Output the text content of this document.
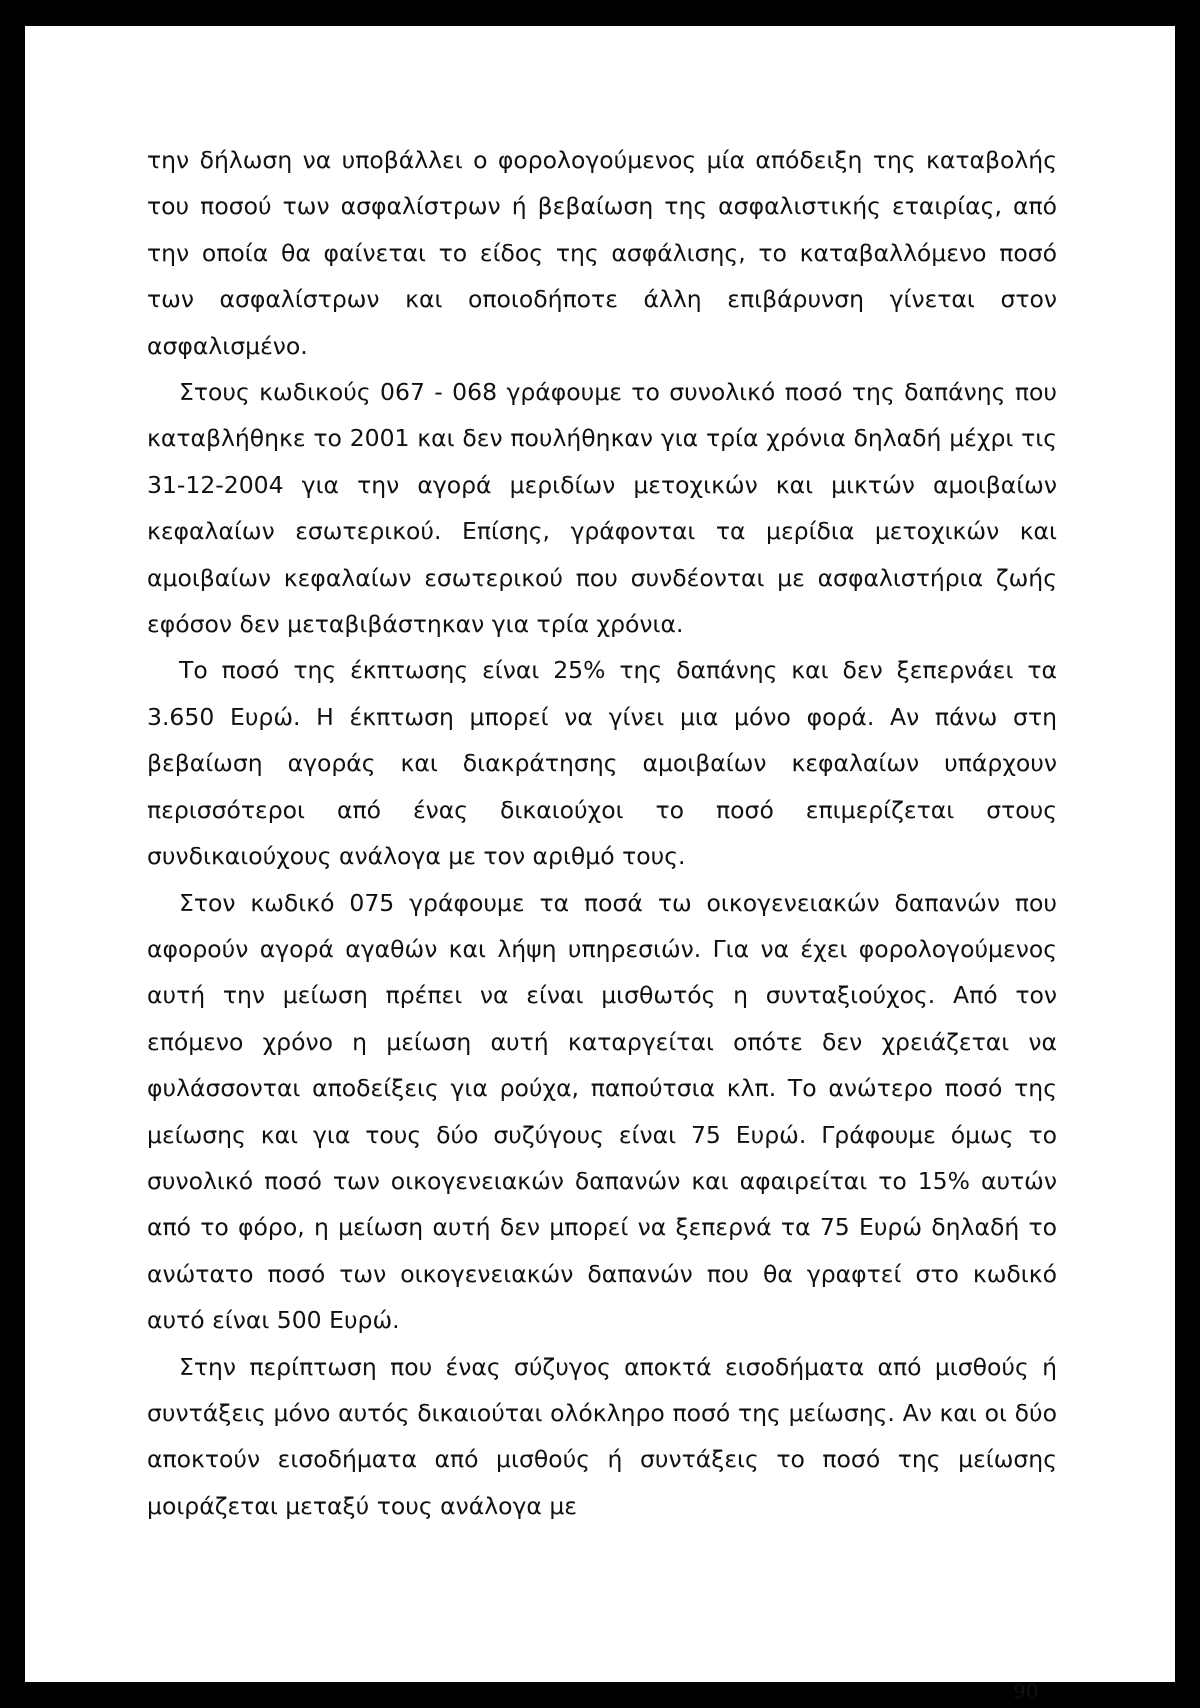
την δήλωση να υποβάλλει ο φορολογούμενος μία απόδειξη της καταβολής του ποσού των ασφαλίστρων ή βεβαίωση της ασφαλιστικής εταιρίας, από την οποία θα φαίνεται το είδος της ασφάλισης, το καταβαλλόμενο ποσό των ασφαλίστρων και οποιοδήποτε άλλη επιβάρυνση γίνεται στον ασφαλισμένο.

Στους κωδικούς 067 - 068 γράφουμε το συνολικό ποσό της δαπάνης που καταβλήθηκε το 2001 και δεν πουλήθηκαν για τρία χρόνια δηλαδή μέχρι τις 31-12-2004 για την αγορά μεριδίων μετοχικών και μικτών αμοιβαίων κεφαλαίων εσωτερικού. Επίσης, γράφονται τα μερίδια μετοχικών και αμοιβαίων κεφαλαίων εσωτερικού που συνδέονται με ασφαλιστήρια ζωής εφόσον δεν μεταβιβάστηκαν για τρία χρόνια.

Το ποσό της έκπτωσης είναι 25% της δαπάνης και δεν ξεπερνάει τα 3.650 Ευρώ. Η έκπτωση μπορεί να γίνει μια μόνο φορά. Αν πάνω στη βεβαίωση αγοράς και διακράτησης αμοιβαίων κεφαλαίων υπάρχουν περισσότεροι από ένας δικαιούχοι το ποσό επιμερίζεται στους συνδικαιούχους ανάλογα με τον αριθμό τους.

Στον κωδικό 075 γράφουμε τα ποσά τω οικογενειακών δαπανών που αφορούν αγορά αγαθών και λήψη υπηρεσιών. Για να έχει φορολογούμενος αυτή την μείωση πρέπει να είναι μισθωτός η συνταξιούχος. Από τον επόμενο χρόνο η μείωση αυτή καταργείται οπότε δεν χρειάζεται να φυλάσσονται αποδείξεις για ρούχα, παπούτσια κλπ. Το ανώτερο ποσό της μείωσης και για τους δύο συζύγους είναι 75 Ευρώ. Γράφουμε όμως το συνολικό ποσό των οικογενειακών δαπανών και αφαιρείται το 15% αυτών από το φόρο, η μείωση αυτή δεν μπορεί να ξεπερνά τα 75 Ευρώ δηλαδή το ανώτατο ποσό των οικογενειακών δαπανών που θα γραφτεί στο κωδικό αυτό είναι 500 Ευρώ.

Στην περίπτωση που ένας σύζυγος αποκτά εισοδήματα από μισθούς ή συντάξεις μόνο αυτός δικαιούται ολόκληρο ποσό της μείωσης. Αν και οι δύο αποκτούν εισοδήματα από μισθούς ή συντάξεις το ποσό της μείωσης μοιράζεται μεταξύ τους ανάλογα με

90
